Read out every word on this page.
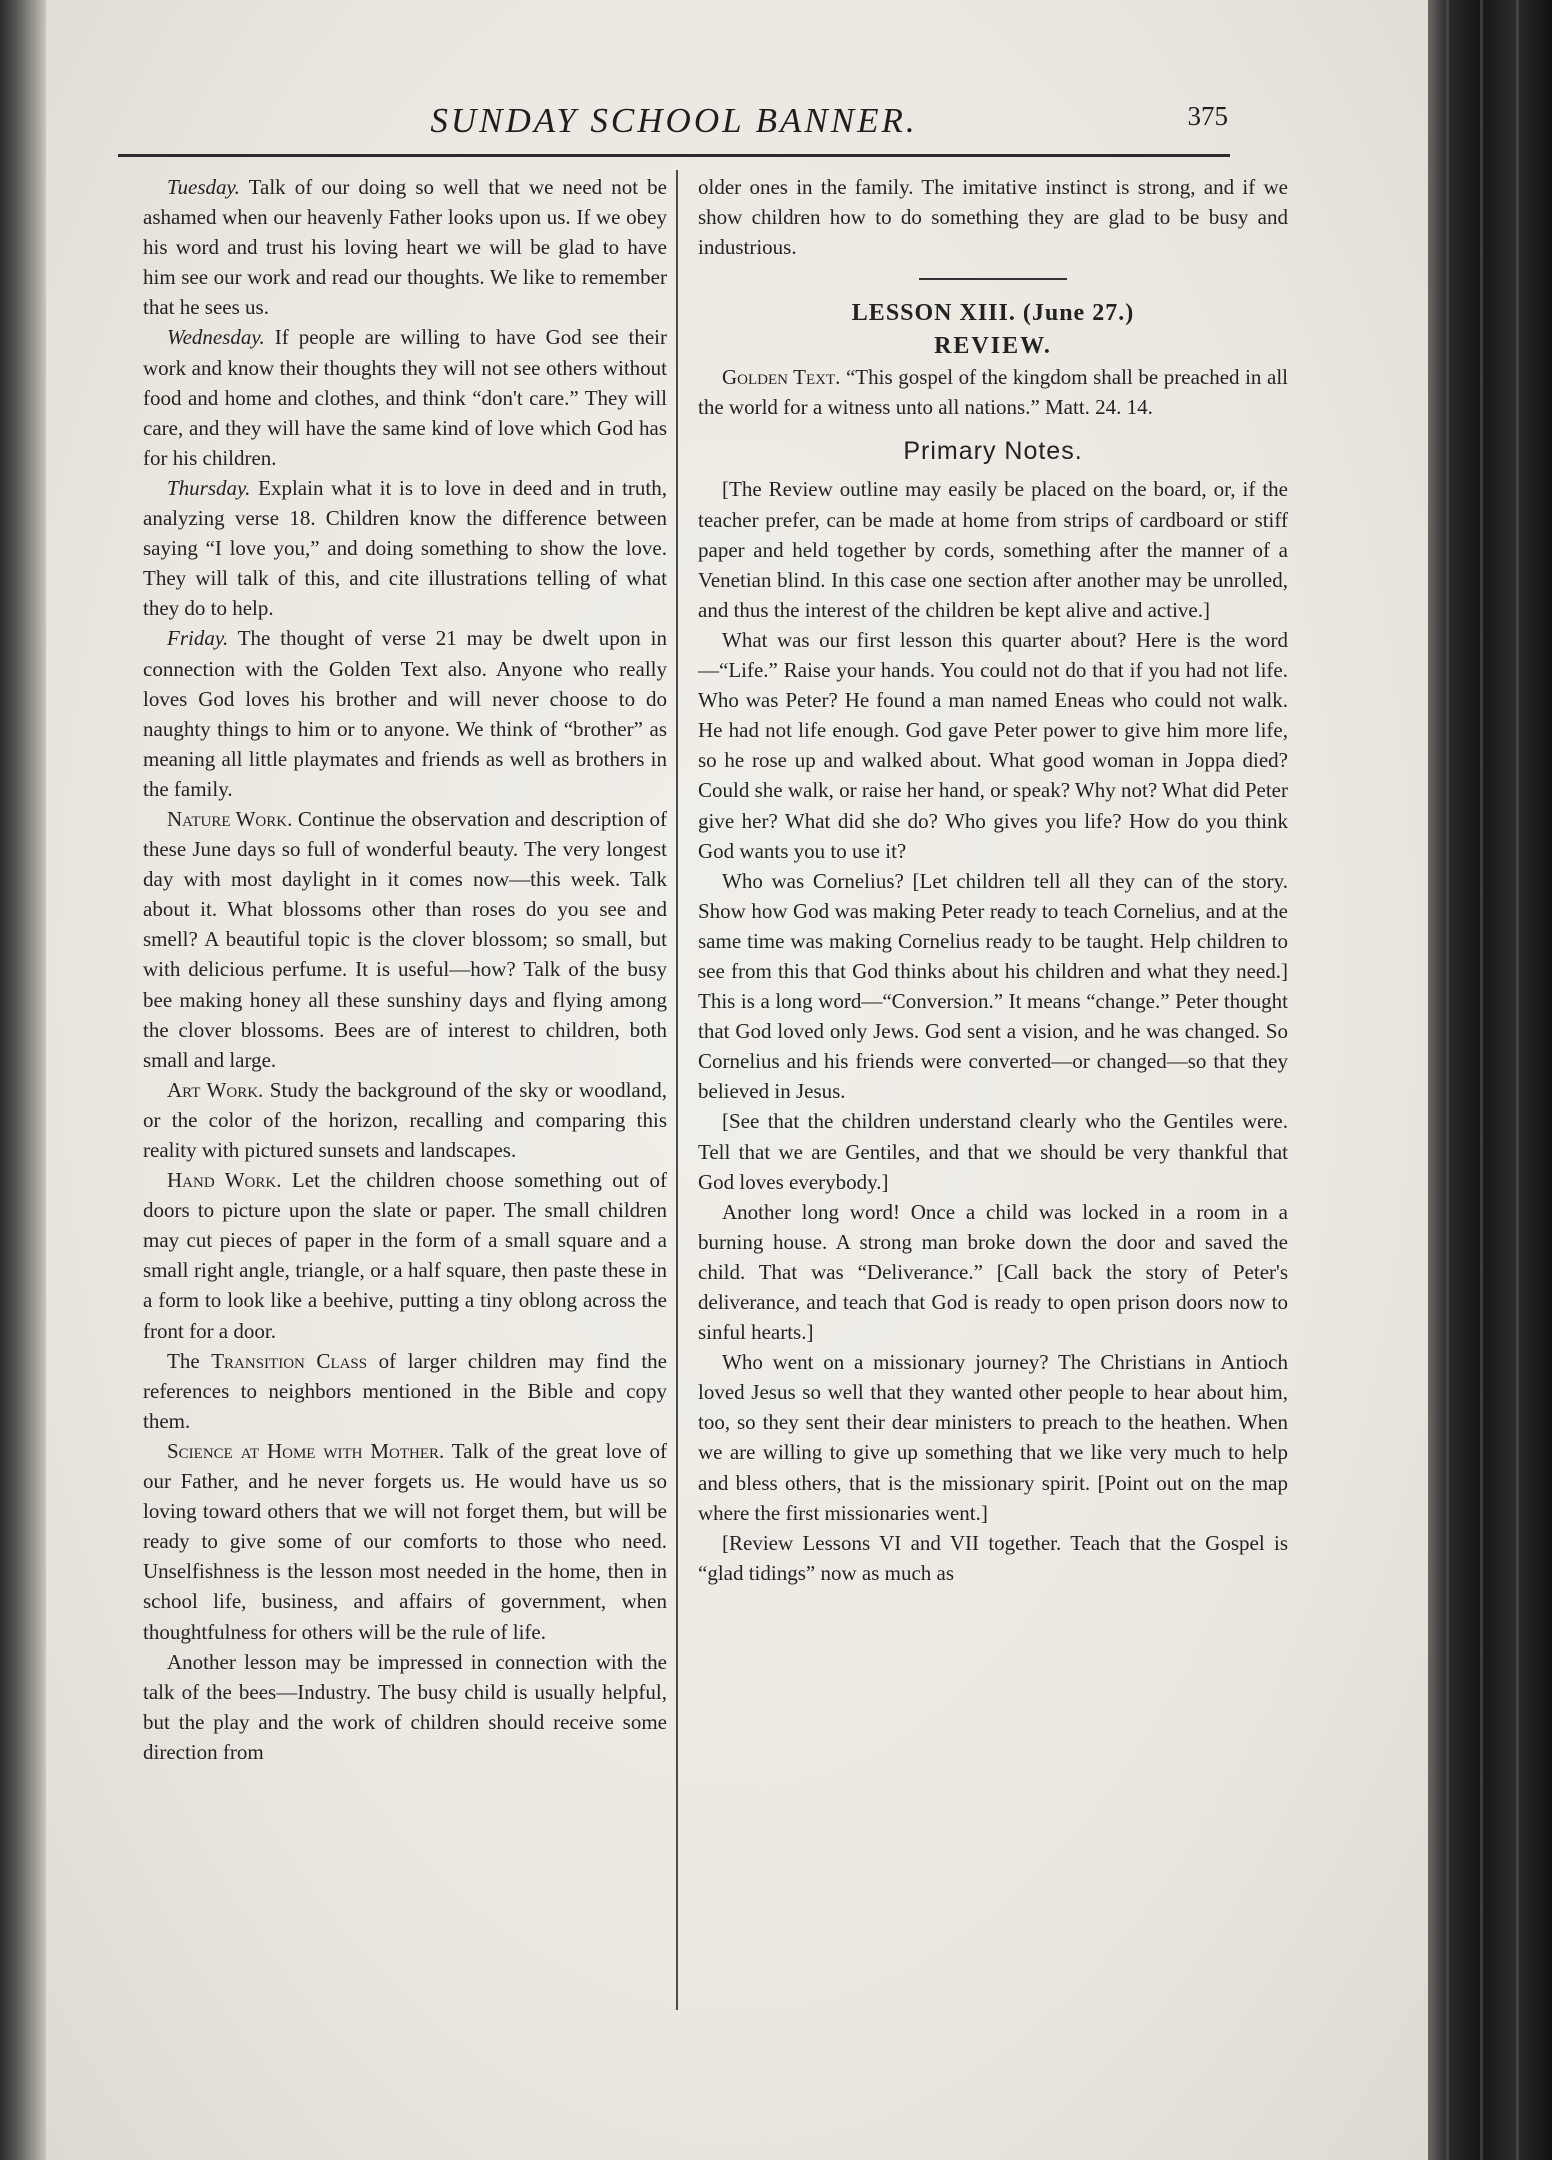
SUNDAY SCHOOL BANNER.	375

Tuesday. Talk of our doing so well that we need not be ashamed when our heavenly Father looks upon us. If we obey his word and trust his loving heart we will be glad to have him see our work and read our thoughts. We like to remember that he sees us.

Wednesday. If people are willing to have God see their work and know their thoughts they will not see others without food and home and clothes, and think “don't care.” They will care, and they will have the same kind of love which God has for his children.

Thursday. Explain what it is to love in deed and in truth, analyzing verse 18. Children know the difference between saying “I love you,” and doing something to show the love. They will talk of this, and cite illustrations telling of what they do to help.

Friday. The thought of verse 21 may be dwelt upon in connection with the Golden Text also. Anyone who really loves God loves his brother and will never choose to do naughty things to him or to anyone. We think of “brother” as meaning all little playmates and friends as well as brothers in the family.

Nature Work. Continue the observation and description of these June days so full of wonderful beauty. The very longest day with most daylight in it comes now—this week. Talk about it. What blossoms other than roses do you see and smell? A beautiful topic is the clover blossom; so small, but with delicious perfume. It is useful—how? Talk of the busy bee making honey all these sunshiny days and flying among the clover blossoms. Bees are of interest to children, both small and large.

Art Work. Study the background of the sky or woodland, or the color of the horizon, recalling and comparing this reality with pictured sunsets and landscapes.

Hand Work. Let the children choose something out of doors to picture upon the slate or paper. The small children may cut pieces of paper in the form of a small square and a small right angle, triangle, or a half square, then paste these in a form to look like a beehive, putting a tiny oblong across the front for a door.

The Transition Class of larger children may find the references to neighbors mentioned in the Bible and copy them.

Science at Home with Mother. Talk of the great love of our Father, and he never forgets us. He would have us so loving toward others that we will not forget them, but will be ready to give some of our comforts to those who need. Unselfishness is the lesson most needed in the home, then in school life, business, and affairs of government, when thoughtfulness for others will be the rule of life.

Another lesson may be impressed in connection with the talk of the bees—Industry. The busy child is usually helpful, but the play and the work of children should receive some direction from

older ones in the family. The imitative instinct is strong, and if we show children how to do something they are glad to be busy and industrious.

LESSON XIII. (June 27.)
REVIEW.

Golden Text. “This gospel of the kingdom shall be preached in all the world for a witness unto all nations.” Matt. 24. 14.

Primary Notes.

[The Review outline may easily be placed on the board, or, if the teacher prefer, can be made at home from strips of cardboard or stiff paper and held together by cords, something after the manner of a Venetian blind. In this case one section after another may be unrolled, and thus the interest of the children be kept alive and active.]

What was our first lesson this quarter about? Here is the word—“Life.” Raise your hands. You could not do that if you had not life. Who was Peter? He found a man named Eneas who could not walk. He had not life enough. God gave Peter power to give him more life, so he rose up and walked about. What good woman in Joppa died? Could she walk, or raise her hand, or speak? Why not? What did Peter give her? What did she do? Who gives you life? How do you think God wants you to use it?

Who was Cornelius? [Let children tell all they can of the story. Show how God was making Peter ready to teach Cornelius, and at the same time was making Cornelius ready to be taught. Help children to see from this that God thinks about his children and what they need.] This is a long word—“Conversion.” It means “change.” Peter thought that God loved only Jews. God sent a vision, and he was changed. So Cornelius and his friends were converted—or changed—so that they believed in Jesus.

[See that the children understand clearly who the Gentiles were. Tell that we are Gentiles, and that we should be very thankful that God loves everybody.]

Another long word! Once a child was locked in a room in a burning house. A strong man broke down the door and saved the child. That was “Deliverance.” [Call back the story of Peter's deliverance, and teach that God is ready to open prison doors now to sinful hearts.]

Who went on a missionary journey? The Christians in Antioch loved Jesus so well that they wanted other people to hear about him, too, so they sent their dear ministers to preach to the heathen. When we are willing to give up something that we like very much to help and bless others, that is the missionary spirit. [Point out on the map where the first missionaries went.]

[Review Lessons VI and VII together. Teach that the Gospel is “glad tidings” now as much as
